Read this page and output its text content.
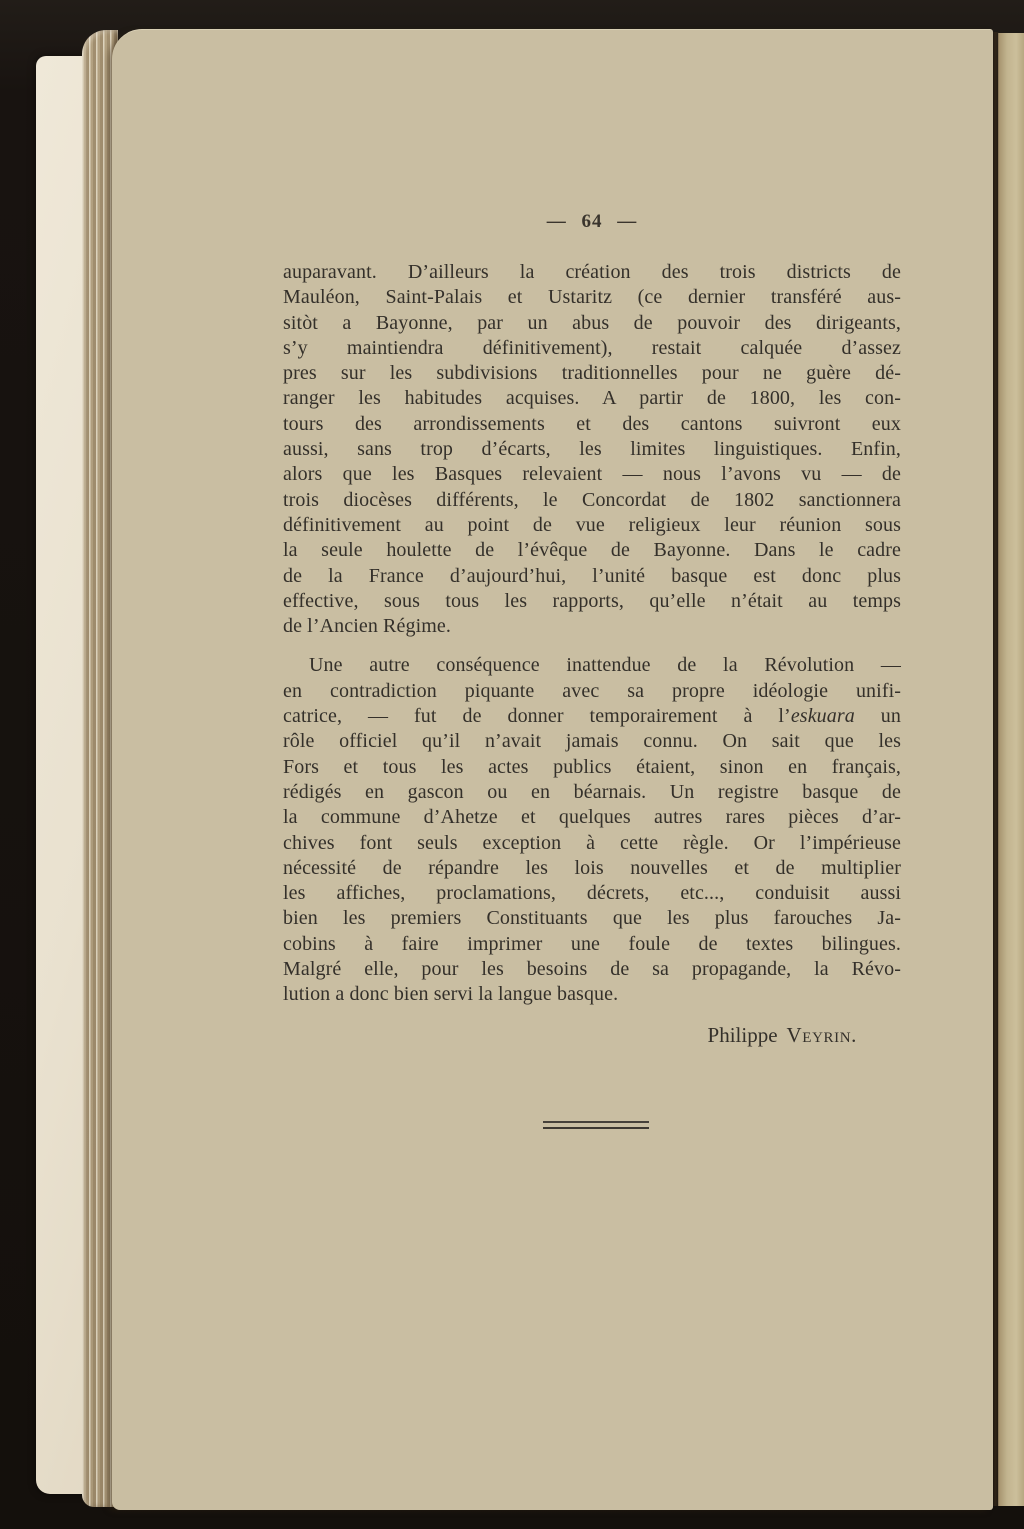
— 64 —
auparavant. D’ailleurs la création des trois districts de
Mauléon, Saint-Palais et Ustaritz (ce dernier transféré aus-
sitòt a Bayonne, par un abus de pouvoir des dirigeants,
s’y maintiendra définitivement), restait calquée d’assez
pres sur les subdivisions traditionnelles pour ne guère dé-
ranger les habitudes acquises. A partir de 1800, les con-
tours des arrondissements et des cantons suivront eux
aussi, sans trop d’écarts, les limites linguistiques. Enfin,
alors que les Basques relevaient — nous l’avons vu — de
trois diocèses différents, le Concordat de 1802 sanctionnera
définitivement au point de vue religieux leur réunion sous
la seule houlette de l’évêque de Bayonne. Dans le cadre
de la France d’aujourd’hui, l’unité basque est donc plus
effective, sous tous les rapports, qu’elle n’était au temps
de l’Ancien Régime.
Une autre conséquence inattendue de la Révolution —
en contradiction piquante avec sa propre idéologie unifi-
catrice, — fut de donner temporairement à l’eskuara un
rôle officiel qu’il n’avait jamais connu. On sait que les
Fors et tous les actes publics étaient, sinon en français,
rédigés en gascon ou en béarnais. Un registre basque de
la commune d’Ahetze et quelques autres rares pièces d’ar-
chives font seuls exception à cette règle. Or l’impérieuse
nécessité de répandre les lois nouvelles et de multiplier
les affiches, proclamations, décrets, etc..., conduisit aussi
bien les premiers Constituants que les plus farouches Ja-
cobins à faire imprimer une foule de textes bilingues.
Malgré elle, pour les besoins de sa propagande, la Révo-
lution a donc bien servi la langue basque.
Philippe Veyrin.
